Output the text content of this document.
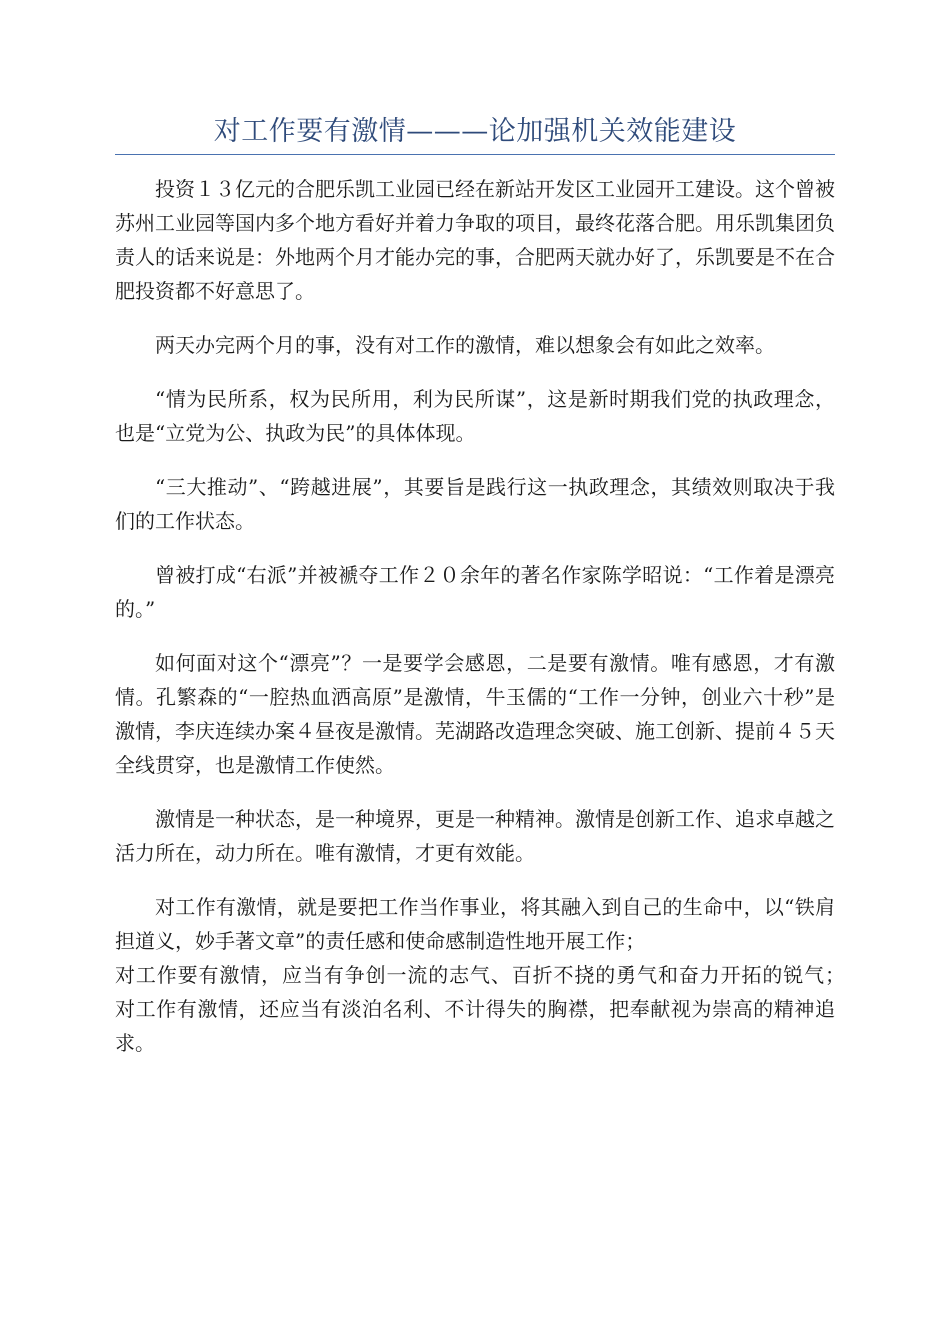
对工作要有激情———论加强机关效能建设

投资１３亿元的合肥乐凯工业园已经在新站开发区工业园开工建设。这个曾被苏州工业园等国内多个地方看好并着力争取的项目，最终花落合肥。用乐凯集团负责人的话来说是：外地两个月才能办完的事，合肥两天就办好了，乐凯要是不在合肥投资都不好意思了。

两天办完两个月的事，没有对工作的激情，难以想象会有如此之效率。

“情为民所系，权为民所用，利为民所谋”，这是新时期我们党的执政理念，也是“立党为公、执政为民”的具体体现。

“三大推动”、“跨越进展”，其要旨是践行这一执政理念，其绩效则取决于我们的工作状态。

曾被打成“右派”并被褫夺工作２０余年的著名作家陈学昭说：“工作着是漂亮的。”

如何面对这个“漂亮”？一是要学会感恩，二是要有激情。唯有感恩，才有激情。孔繁森的“一腔热血洒高原”是激情，牛玉儒的“工作一分钟，创业六十秒”是激情，李庆连续办案４昼夜是激情。芜湖路改造理念突破、施工创新、提前４５天全线贯穿，也是激情工作使然。

激情是一种状态，是一种境界，更是一种精神。激情是创新工作、追求卓越之活力所在，动力所在。唯有激情，才更有效能。

对工作有激情，就是要把工作当作事业，将其融入到自己的生命中，以“铁肩担道义，妙手著文章”的责任感和使命感制造性地开展工作；

对工作要有激情，应当有争创一流的志气、百折不挠的勇气和奋力开拓的锐气；　　对工作有激情，还应当有淡泊名利、不计得失的胸襟，把奉献视为崇高的精神追求。
